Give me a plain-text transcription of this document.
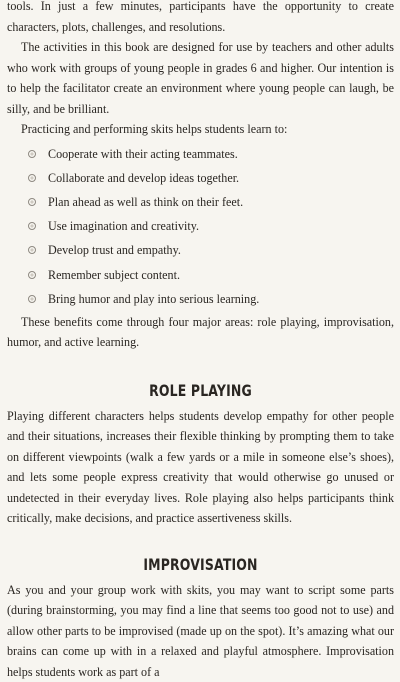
tools. In just a few minutes, participants have the opportunity to create characters, plots, challenges, and resolutions.

The activities in this book are designed for use by teachers and other adults who work with groups of young people in grades 6 and higher. Our intention is to help the facilitator create an environment where young people can laugh, be silly, and be brilliant.

Practicing and performing skits helps students learn to:

Cooperate with their acting teammates.
Collaborate and develop ideas together.
Plan ahead as well as think on their feet.
Use imagination and creativity.
Develop trust and empathy.
Remember subject content.
Bring humor and play into serious learning.

These benefits come through four major areas: role playing, improvisation, humor, and active learning.

ROLE PLAYING

Playing different characters helps students develop empathy for other people and their situations, increases their flexible thinking by prompting them to take on different viewpoints (walk a few yards or a mile in someone else’s shoes), and lets some people express creativity that would otherwise go unused or undetected in their everyday lives. Role playing also helps participants think critically, make decisions, and practice assertiveness skills.

IMPROVISATION

As you and your group work with skits, you may want to script some parts (during brainstorming, you may find a line that seems too good not to use) and allow other parts to be improvised (made up on the spot). It’s amazing what our brains can come up with in a relaxed and playful atmosphere. Improvisation helps students work as part of a
